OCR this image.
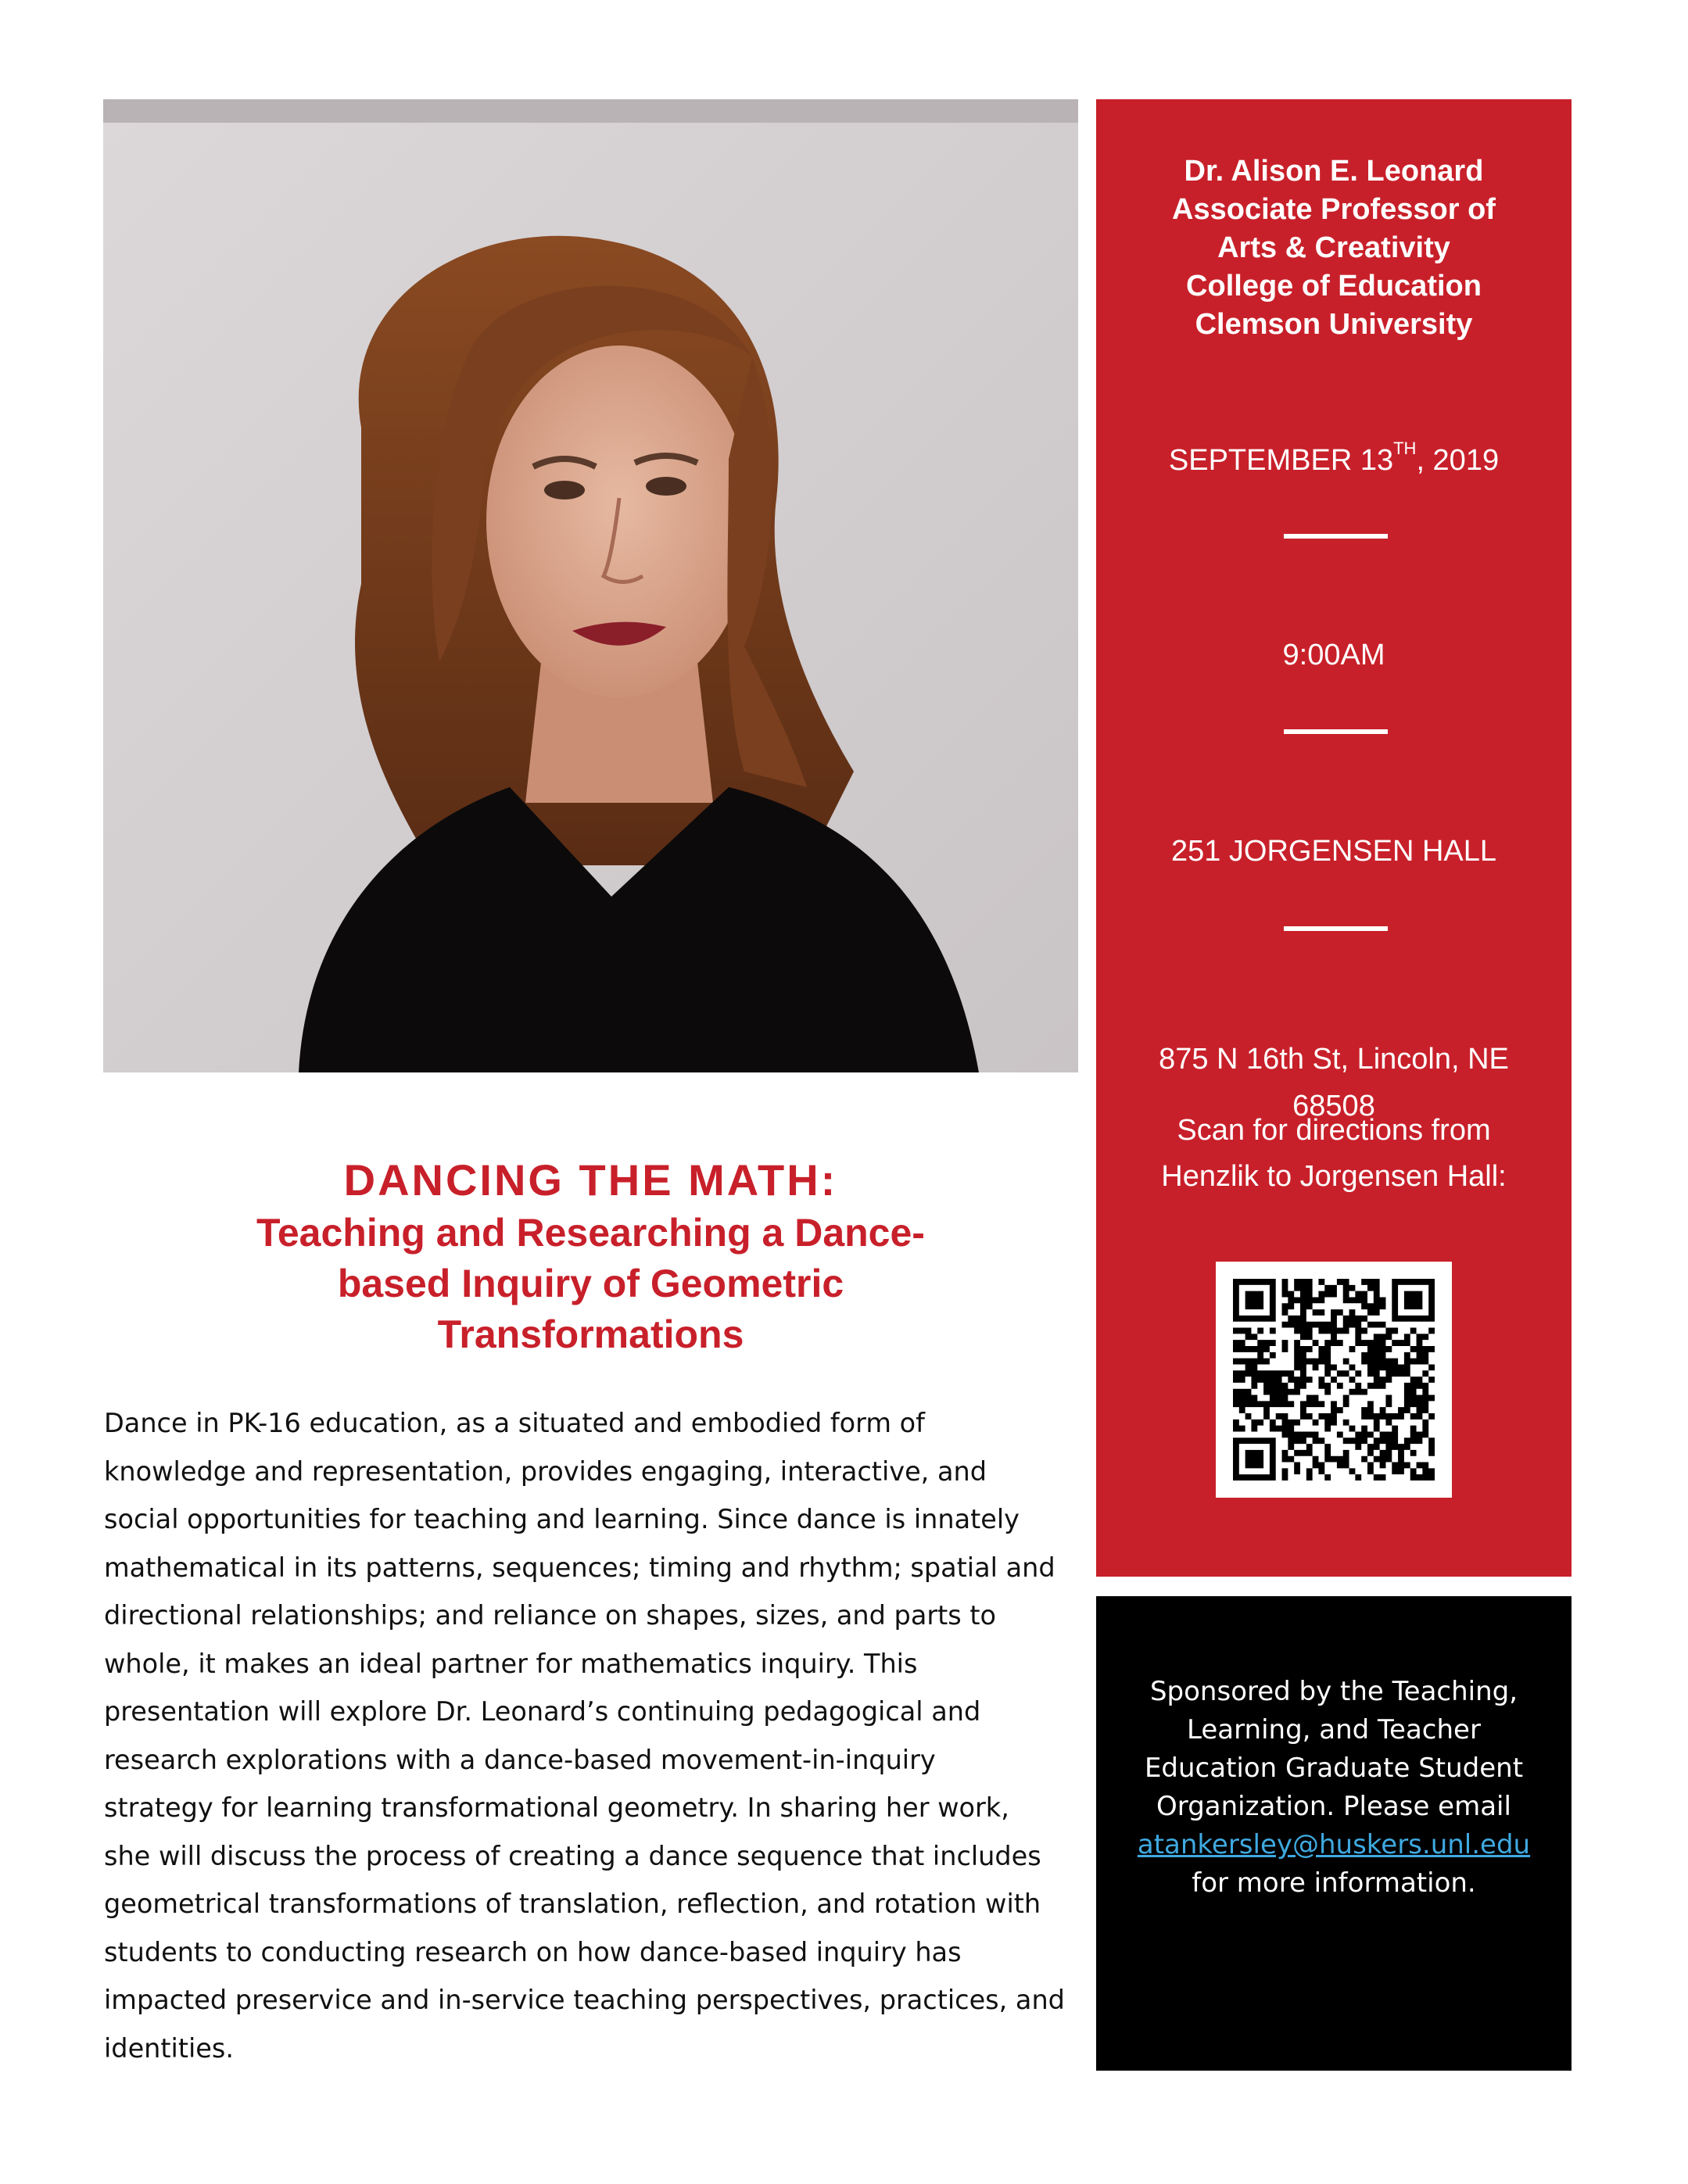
Dr. Alison E. Leonard
Associate Professor of
Arts & Creativity
College of Education
Clemson University
SEPTEMBER 13TH, 2019
9:00AM
251 JORGENSEN HALL
875 N 16th St, Lincoln, NE
68508
Scan for directions from
Henzlik to Jorgensen Hall:
Sponsored by the Teaching,
Learning, and Teacher
Education Graduate Student
Organization. Please email
atankersley@huskers.unl.edu
for more information.
DANCING THE MATH:
Teaching and Researching a Dance-
based Inquiry of Geometric
Transformations
Dance in PK-16 education, as a situated and embodied form of
knowledge and representation, provides engaging, interactive, and
social opportunities for teaching and learning. Since dance is innately
mathematical in its patterns, sequences; timing and rhythm; spatial and
directional relationships; and reliance on shapes, sizes, and parts to
whole, it makes an ideal partner for mathematics inquiry. This
presentation will explore Dr. Leonard’s continuing pedagogical and
research explorations with a dance-based movement-in-inquiry
strategy for learning transformational geometry. In sharing her work,
she will discuss the process of creating a dance sequence that includes
geometrical transformations of translation, reflection, and rotation with
students to conducting research on how dance-based inquiry has
impacted preservice and in-service teaching perspectives, practices, and
identities.
